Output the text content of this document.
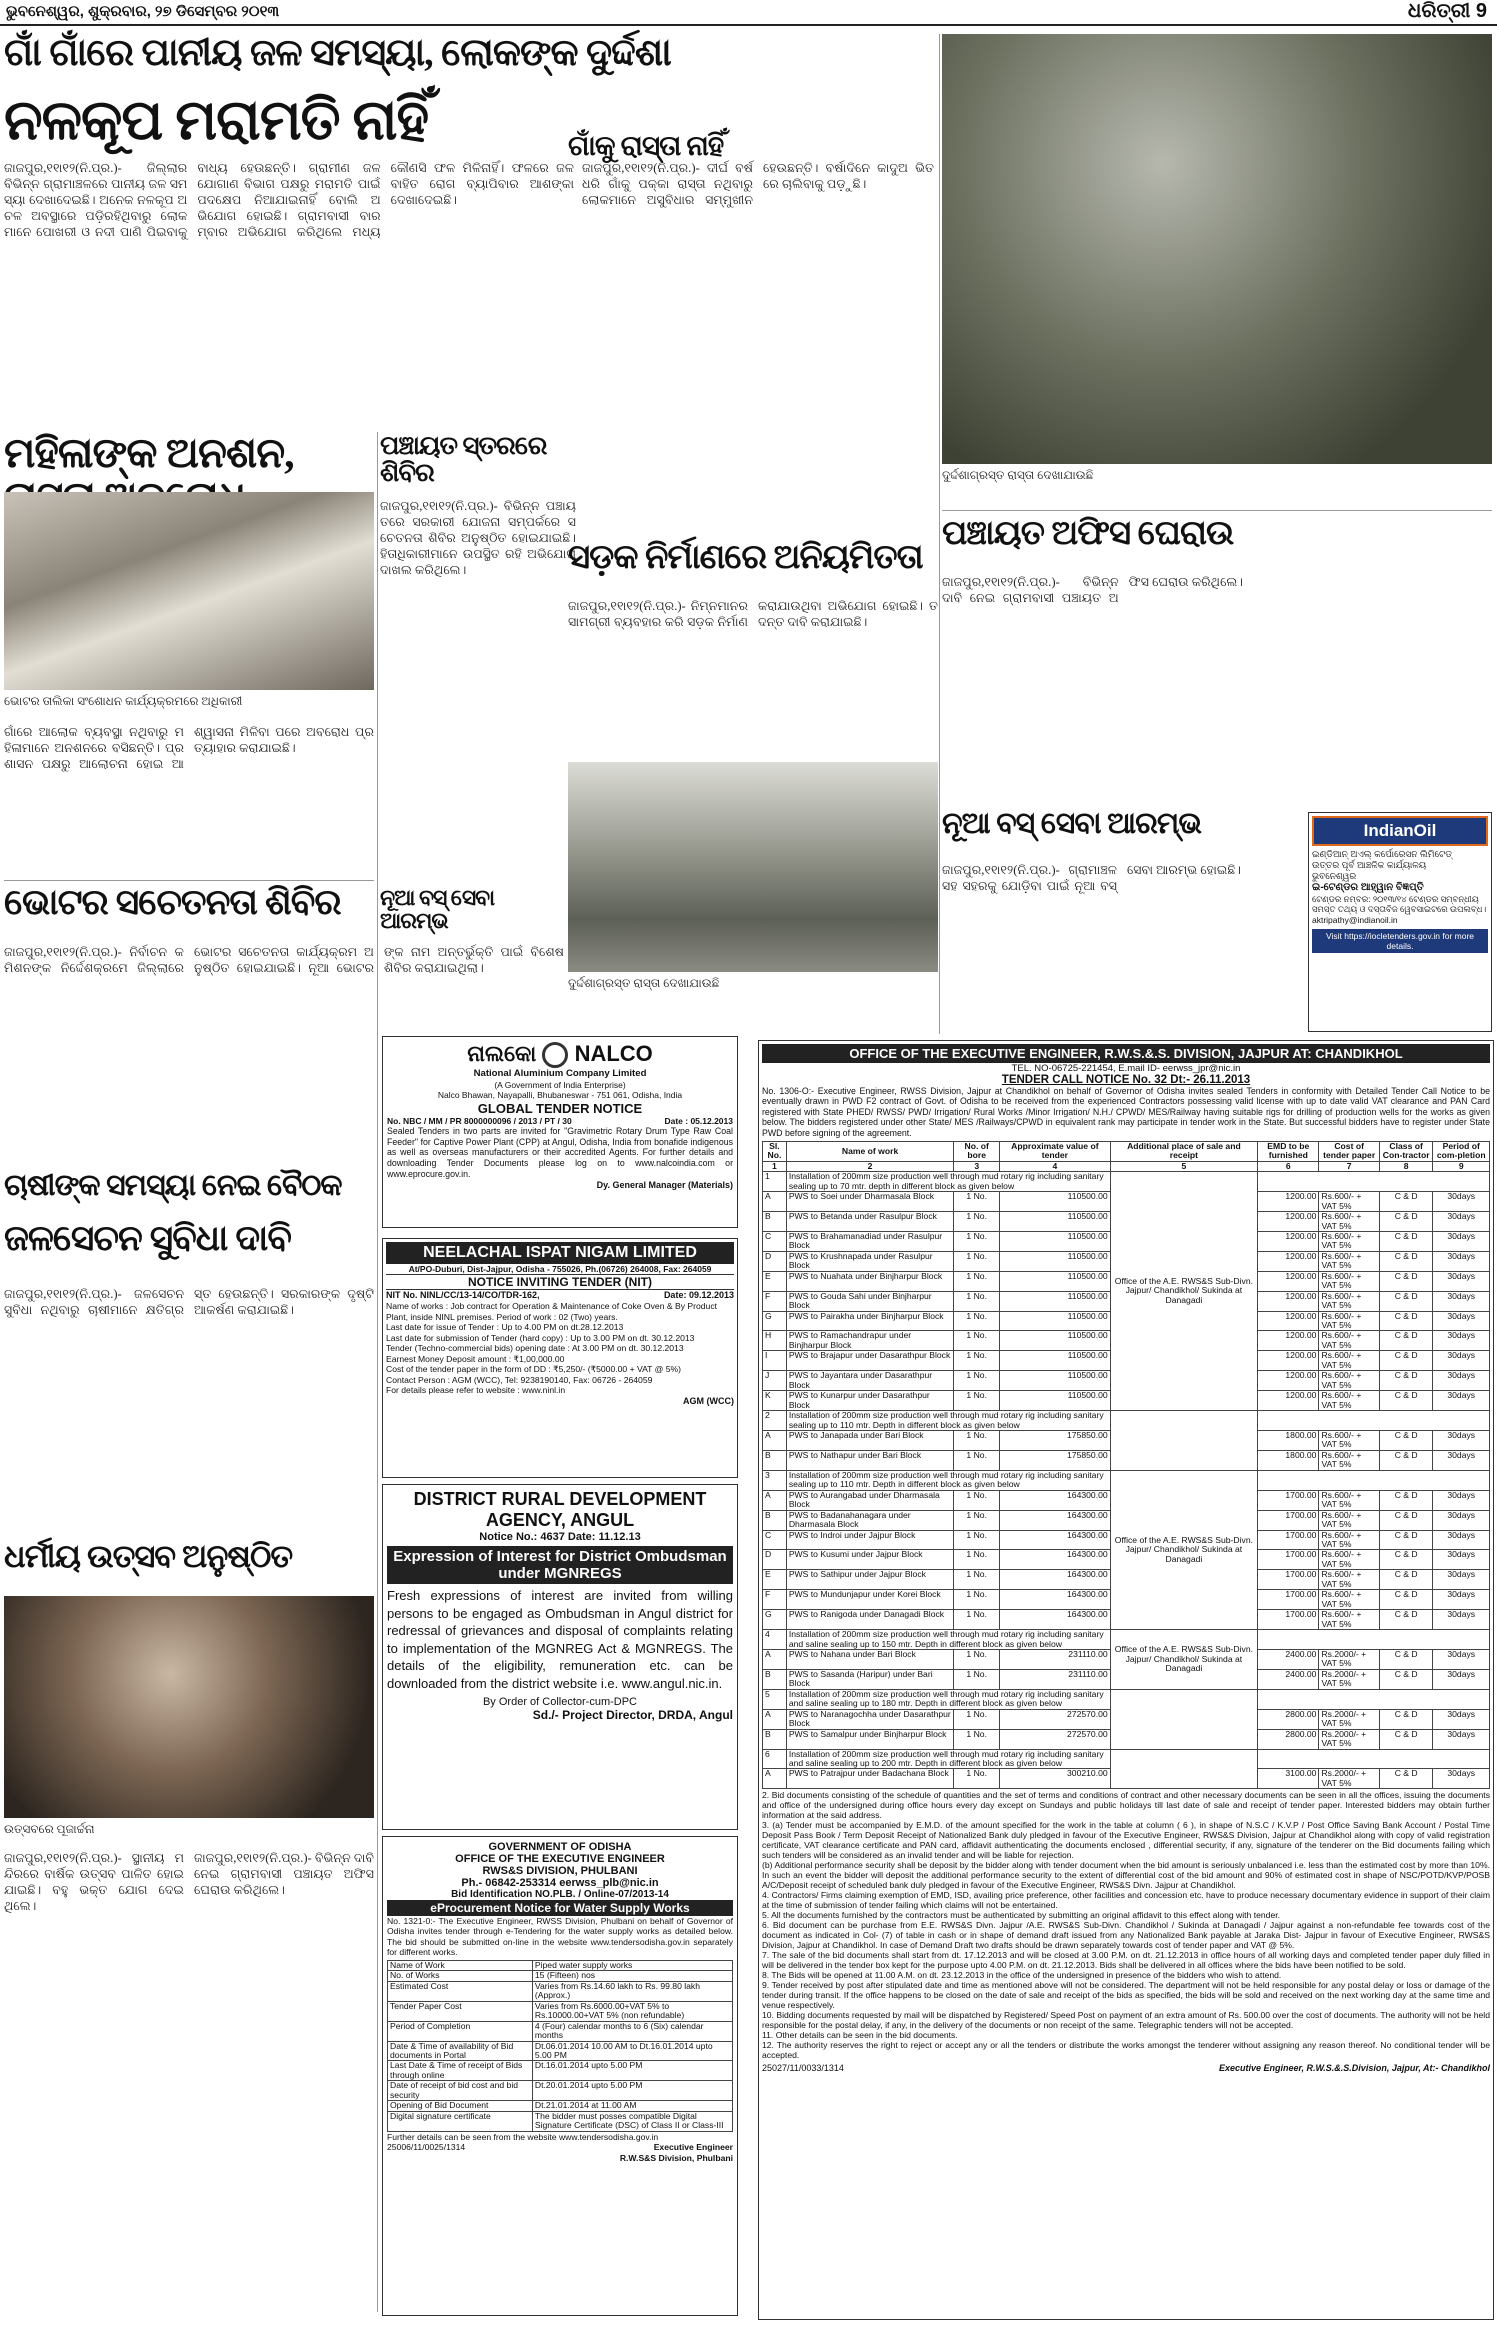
ଭୁବନେଶ୍ୱର, ଶୁକ୍ରବାର, ୨୭ ଡିସେମ୍ବର ୨୦୧୩	ଧରିତ୍ରୀ 9
ଗାଁ ଗାଁରେ ପାନୀୟ ଜଳ ସମସ୍ୟା, ଲୋକଙ୍କ ଦୁର୍ଦ୍ଦଶା
ନଳକୂପ ମରାମତି ନାହିଁ
ଜାଜପୁର,୧୧ା୧୨(ନି.ପ୍ର.)- ଜିଲ୍ଲାର ବିଭିନ୍ନ ଗ୍ରାମାଞ୍ଚଳରେ ପାନୀୟ ଜଳ ସମସ୍ୟା ଦେଖାଦେଇଛି। ଅନେକ ନଳକୂପ ଅଚଳ ଅବସ୍ଥାରେ ପଡ଼ିରହିଥିବାରୁ ଲୋକମାନେ ପୋଖରୀ ଓ ନଦୀ ପାଣି ପିଇବାକୁ ବାଧ୍ୟ ହେଉଛନ୍ତି। ଗ୍ରାମୀଣ ଜଳଯୋଗାଣ ବିଭାଗ ପକ୍ଷରୁ ମରାମତି ପାଇଁ ପଦକ୍ଷେପ ନିଆଯାଇନାହିଁ ବୋଲି ଅଭିଯୋଗ ହୋଇଛି। ଗ୍ରାମବାସୀ ବାରମ୍ବାର ଅଭିଯୋଗ କରିଥିଲେ ମଧ୍ୟ କୌଣସି ଫଳ ମିଳିନାହିଁ। ଫଳରେ ଜଳବାହିତ ରୋଗ ବ୍ୟାପିବାର ଆଶଙ୍କା ଦେଖାଦେଇଛି।
ମହିଳାଙ୍କ ଅନଶନ,
ଭୋଟର ତାଲିକା ସଂଶୋଧନ କାର୍ଯ୍ୟକ୍ରମରେ ଅଧିକାରୀ
ଗାଁରେ ଆଲୋକ ବ୍ୟବସ୍ଥା ନଥିବାରୁ ମହିଳାମାନେ ଅନଶନରେ ବସିଛନ୍ତି। ପ୍ରଶାସନ ପକ୍ଷରୁ ଆଲୋଚନା ହୋଇ ଆଶ୍ୱାସନା ମିଳିବା ପରେ ଅବରୋଧ ପ୍ରତ୍ୟାହାର କରାଯାଇଛି।
ଭୋଟର ସଚେତନତା ଶିବିର
ଜାଜପୁର,୧୧ା୧୨(ନି.ପ୍ର.)- ନିର୍ବାଚନ କମିଶନଙ୍କ ନିର୍ଦ୍ଦେଶକ୍ରମେ ଜିଲ୍ଲାରେ ଭୋଟର ସଚେତନତା କାର୍ଯ୍ୟକ୍ରମ ଅନୁଷ୍ଠିତ ହୋଇଯାଇଛି। ନୂଆ ଭୋଟରଙ୍କ ନାମ ଅନ୍ତର୍ଭୁକ୍ତି ପାଇଁ ବିଶେଷ ଶିବିର କରାଯାଇଥିଲା।
ଚାଷୀଙ୍କ ସମସ୍ୟା ନେଇ ବୈଠକ
ଜଳସେଚନ ସୁବିଧା ଦାବି
ଜାଜପୁର,୧୧ା୧୨(ନି.ପ୍ର.)- ଜଳସେଚନ ସୁବିଧା ନଥିବାରୁ ଚାଷୀମାନେ କ୍ଷତିଗ୍ରସ୍ତ ହେଉଛନ୍ତି। ସରକାରଙ୍କ ଦୃଷ୍ଟି ଆକର୍ଷଣ କରାଯାଇଛି।
ଧର୍ମୀୟ ଉତ୍ସବ ଅନୁଷ୍ଠିତ
ଉତ୍ସବରେ ପୂଜାର୍ଚ୍ଚନା
ଜାଜପୁର,୧୧ା୧୨(ନି.ପ୍ର.)- ସ୍ଥାନୀୟ ମନ୍ଦିରରେ ବାର୍ଷିକ ଉତ୍ସବ ପାଳିତ ହୋଇଯାଇଛି। ବହୁ ଭକ୍ତ ଯୋଗ ଦେଇଥିଲେ।
ଜାଜପୁର,୧୧ା୧୨(ନି.ପ୍ର.)- ବିଭିନ୍ନ ଦାବି ନେଇ ଗ୍ରାମବାସୀ ପଞ୍ଚାୟତ ଅଫିସ ଘେରାଉ କରିଥିଲେ।
ପଞ୍ଚାୟତ ସ୍ତରରେ ଶିବିର
ଜାଜପୁର,୧୧ା୧୨(ନି.ପ୍ର.)- ବିଭିନ୍ନ ପଞ୍ଚାୟତରେ ସରକାରୀ ଯୋଜନା ସମ୍ପର୍କରେ ସଚେତନତା ଶିବିର ଅନୁଷ୍ଠିତ ହୋଇଯାଇଛି। ହିତାଧିକାରୀମାନେ ଉପସ୍ଥିତ ରହି ଅଭିଯୋଗ ଦାଖଲ କରିଥିଲେ।
ଗାଁକୁ ରାସ୍ତା ନାହିଁ
ଜାଜପୁର,୧୧ା୧୨(ନି.ପ୍ର.)- ଦୀର୍ଘ ବର୍ଷ ଧରି ଗାଁକୁ ପକ୍କା ରାସ୍ତା ନଥିବାରୁ ଲୋକମାନେ ଅସୁବିଧାର ସମ୍ମୁଖୀନ ହେଉଛନ୍ତି। ବର୍ଷାଦିନେ କାଦୁଅ ଭିତରେ ଚାଲିବାକୁ ପଡ଼ୁଛି।
ସଡ଼କ ନିର୍ମାଣରେ ଅନିୟମିତତା
ଜାଜପୁର,୧୧ା୧୨(ନି.ପ୍ର.)- ନିମ୍ନମାନର ସାମଗ୍ରୀ ବ୍ୟବହାର କରି ସଡ଼କ ନିର୍ମାଣ କରାଯାଉଥିବା ଅଭିଯୋଗ ହୋଇଛି। ତଦନ୍ତ ଦାବି କରାଯାଇଛି।
ଦୁର୍ଦ୍ଦଶାଗ୍ରସ୍ତ ରାସ୍ତା ଦେଖାଯାଉଛି
ନୂଆ ବସ୍ ସେବା ଆରମ୍ଭ
ଦୁର୍ଦ୍ଦଶାଗ୍ରସ୍ତ ରାସ୍ତା ଦେଖାଯାଉଛି
ପଞ୍ଚାୟତ ଅଫିସ ଘେରାଉ
ଜାଜପୁର,୧୧ା୧୨(ନି.ପ୍ର.)- ବିଭିନ୍ନ ଦାବି ନେଇ ଗ୍ରାମବାସୀ ପଞ୍ଚାୟତ ଅଫିସ ଘେରାଉ କରିଥିଲେ।
ନୂଆ ବସ୍ ସେବା ଆରମ୍ଭ
ଜାଜପୁର,୧୧ା୧୨(ନି.ପ୍ର.)- ଗ୍ରାମାଞ୍ଚଳ ସହ ସହରକୁ ଯୋଡ଼ିବା ପାଇଁ ନୂଆ ବସ୍ ସେବା ଆରମ୍ଭ ହୋଇଛି।
IndianOil
ଇଣ୍ଡିଆନ୍ ଅଏଲ୍ କର୍ପୋରେସନ ଲିମିଟେଡ୍
ଉତ୍ତର ପୂର୍ବ ଆଞ୍ଚଳିକ କାର୍ଯ୍ୟାଳୟ
ଭୁବନେଶ୍ୱର
ଇ-ଟେଣ୍ଡର ଆହ୍ୱାନ ବିଜ୍ଞପ୍ତି
ଟେଣ୍ଡର ନମ୍ବର: ୨୦୧୩/୧୪ ଟେଣ୍ଡର ସମ୍ବନ୍ଧୀୟ ସମସ୍ତ ତଥ୍ୟ ଓ ଦସ୍ତାବିଜ ୱେବସାଇଟରେ ଉପଲବ୍ଧ।
aktripathy@indianoil.in
Visit https://iocletenders.gov.in for more details.
ନାଲକୋ NALCO
National Aluminium Company Limited
(A Government of India Enterprise)
Nalco Bhawan, Nayapalli, Bhubaneswar - 751 061, Odisha, India
GLOBAL TENDER NOTICE
No. NBC / MM / PR 8000000096 / 2013 / PT / 30	Date : 05.12.2013
Sealed Tenders in two parts are invited for "Gravimetric Rotary Drum Type Raw Coal Feeder" for Captive Power Plant (CPP) at Angul, Odisha, India from bonafide indigenous as well as overseas manufacturers or their accredited Agents. For further details and downloading Tender Documents please log on to www.nalcoindia.com or www.eprocure.gov.in.
Dy. General Manager (Materials)
NEELACHAL ISPAT NIGAM LIMITED
At/PO-Duburi, Dist-Jajpur, Odisha - 755026, Ph.(06726) 264008, Fax: 264059
NOTICE INVITING TENDER (NIT)
NIT No. NINL/CC/13-14/CO/TDR-162,	Date: 09.12.2013
Name of works : Job contract for Operation & Maintenance of Coke Oven & By Product Plant, inside NINL premises. Period of work : 02 (Two) years.
Last date for issue of Tender : Up to 4.00 PM on dt.28.12.2013
Last date for submission of Tender (hard copy) : Up to 3.00 PM on dt. 30.12.2013
Tender (Techno-commercial bids) opening date : At 3.00 PM on dt. 30.12.2013
Earnest Money Deposit amount : ₹1,00,000.00
Cost of the tender paper in the form of DD : ₹5,250/- (₹5000.00 + VAT @ 5%)
Contact Person : AGM (WCC), Tel: 9238190140, Fax: 06726 - 264059
For details please refer to website : www.ninl.in
AGM (WCC)
DISTRICT RURAL DEVELOPMENT
AGENCY, ANGUL
Notice No.: 4637 Date: 11.12.13
Expression of Interest for District Ombudsman under MGNREGS
Fresh expressions of interest are invited from willing persons to be engaged as Ombudsman in Angul district for redressal of grievances and disposal of complaints relating to implementation of the MGNREG Act & MGNREGS. The details of the eligibility, remuneration etc. can be downloaded from the district website i.e. www.angul.nic.in.
By Order of Collector-cum-DPC
Sd./- Project Director, DRDA, Angul
GOVERNMENT OF ODISHA
OFFICE OF THE EXECUTIVE ENGINEER
RWS&S DIVISION, PHULBANI
Ph.- 06842-253314 eerwss_plb@nic.in
Bid Identification NO.PLB. / Online-07/2013-14
eProcurement Notice for Water Supply Works
No. 1321-0:- The Executive Engineer, RWSS Division, Phulbani on behalf of Governor of Odisha invites tender through e-Tendering for the water supply works as detailed below. The bid should be submitted on-line in the website www.tendersodisha.gov.in separately for different works.
Name of Work	Piped water supply works
No. of Works	15 (Fifteen) nos
Estimated Cost	Varies from Rs.14.60 lakh to Rs. 99.80 lakh (Approx.)
Tender Paper Cost	Varies from Rs.6000.00+VAT 5% to Rs.10000.00+VAT 5% (non refundable)
Period of Completion	4 (Four) calendar months to 6 (Six) calendar months
Date & Time of availability of Bid documents in Portal	Dt.06.01.2014 10.00 AM to Dt.16.01.2014 upto 5.00 PM
Last Date & Time of receipt of Bids through online	Dt.16.01.2014 upto 5.00 PM
Date of receipt of bid cost and bid security	Dt.20.01.2014 upto 5.00 PM
Opening of Bid Document	Dt.21.01.2014 at 11.00 AM
Digital signature certificate	The bidder must posses compatible Digital Signature Certificate (DSC) of Class II or Class-III
Further details can be seen from the website www.tendersodisha.gov.in
25006/11/0025/1314	Executive Engineer
R.W.S&S Division, Phulbani
OFFICE OF THE EXECUTIVE ENGINEER, R.W.S.&.S. DIVISION, JAJPUR AT: CHANDIKHOL
TEL. NO-06725-221454, E.mail ID- eerwss_jpr@nic.in
TENDER CALL NOTICE No. 32 Dt:- 26.11.2013
No. 1306-O:- Executive Engineer, RWSS Division, Jajpur at Chandikhol on behalf of Governor of Odisha invites sealed Tenders in conformity with Detailed Tender Call Notice to be eventually drawn in PWD F2 contract of Govt. of Odisha to be received from the experienced Contractors possessing valid license with up to date valid VAT clearance and PAN Card registered with State PHED/ RWSS/ PWD/ Irrigation/ Rural Works /Minor Irrigation/ N.H./ CPWD/ MES/Railway having suitable rigs for drilling of production wells for the works as given below. The bidders registered under other State/ MES /Railways/CPWD in equivalent rank may participate in tender work in the State. But successful bidders have to register under State PWD before signing of the agreement.
Sl. No.	Name of work	No. of bore	Approximate value of tender	Additional place of sale and receipt	EMD to be furnished	Cost of tender paper	Class of Con-tractor	Period of com-pletion
1	2	3	4	5	6	7	8	9
1	Installation of 200mm size production well through mud rotary rig including sanitary sealing up to 70 mtr. depth in different block as given below			Office of the A.E. RWS&S Sub-Divn. Jajpur/ Chandikhol/ Sukinda at Danagadi				
A	PWS to Soei under Dharmasala Block	1 No.	110500.00		1200.00	Rs.600/- + VAT 5%	C & D	30days
B	PWS to Betanda under Rasulpur Block	1 No.	110500.00		1200.00	Rs.600/- + VAT 5%	C & D	30days
C	PWS to Brahamanadiad under Rasulpur Block	1 No.	110500.00		1200.00	Rs.600/- + VAT 5%	C & D	30days
D	PWS to Krushnapada under Rasulpur Block	1 No.	110500.00		1200.00	Rs.600/- + VAT 5%	C & D	30days
E	PWS to Nuahata under Binjharpur Block	1 No.	110500.00		1200.00	Rs.600/- + VAT 5%	C & D	30days
F	PWS to Gouda Sahi under Binjharpur Block	1 No.	110500.00		1200.00	Rs.600/- + VAT 5%	C & D	30days
G	PWS to Pairakha under Binjharpur Block	1 No.	110500.00		1200.00	Rs.600/- + VAT 5%	C & D	30days
H	PWS to Ramachandrapur under Binjharpur Block	1 No.	110500.00		1200.00	Rs.600/- + VAT 5%	C & D	30days
I	PWS to Brajapur under Dasarathpur Block	1 No.	110500.00		1200.00	Rs.600/- + VAT 5%	C & D	30days
J	PWS to Jayantara under Dasarathpur Block	1 No.	110500.00		1200.00	Rs.600/- + VAT 5%	C & D	30days
K	PWS to Kunarpur under Dasarathpur Block	1 No.	110500.00		1200.00	Rs.600/- + VAT 5%	C & D	30days
2	Installation of 200mm size production well through mud rotary rig including sanitary sealing up to 110 mtr. Depth in different block as given below							
A	PWS to Janapada under Bari Block	1 No.	175850.00		1800.00	Rs.600/- + VAT 5%	C & D	30days
B	PWS to Nathapur under Bari Block	1 No.	175850.00		1800.00	Rs.600/- + VAT 5%	C & D	30days
3	Installation of 200mm size production well through mud rotary rig including sanitary sealing up to 110 mtr. Depth in different block as given below			Office of the A.E. RWS&S Sub-Divn. Jajpur/ Chandikhol/ Sukinda at Danagadi				
A	PWS to Aurangabad under Dharmasala Block	1 No.	164300.00		1700.00	Rs.600/- + VAT 5%	C & D	30days
B	PWS to Badanahanagara under Dharmasala Block	1 No.	164300.00		1700.00	Rs.600/- + VAT 5%	C & D	30days
C	PWS to Indroi under Jajpur Block	1 No.	164300.00		1700.00	Rs.600/- + VAT 5%	C & D	30days
D	PWS to Kusumi under Jajpur Block	1 No.	164300.00		1700.00	Rs.600/- + VAT 5%	C & D	30days
E	PWS to Sathipur under Jajpur Block	1 No.	164300.00		1700.00	Rs.600/- + VAT 5%	C & D	30days
F	PWS to Mundunjapur under Korei Block	1 No.	164300.00		1700.00	Rs.600/- + VAT 5%	C & D	30days
G	PWS to Ranigoda under Danagadi Block	1 No.	164300.00		1700.00	Rs.600/- + VAT 5%	C & D	30days
4	Installation of 200mm size production well through mud rotary rig including sanitary and saline sealing up to 150 mtr. Depth in different block as given below			Office of the A.E. RWS&S Sub-Divn. Jajpur/ Chandikhol/ Sukinda at Danagadi				
A	PWS to Nahana under Bari Block	1 No.	231110.00		2400.00	Rs.2000/- + VAT 5%	C & D	30days
B	PWS to Sasanda (Haripur) under Bari Block	1 No.	231110.00		2400.00	Rs.2000/- + VAT 5%	C & D	30days
5	Installation of 200mm size production well through mud rotary rig including sanitary and saline sealing up to 180 mtr. Depth in different block as given below							
A	PWS to Naranagochha under Dasarathpur Block	1 No.	272570.00		2800.00	Rs.2000/- + VAT 5%	C & D	30days
B	PWS to Samalpur under Binjharpur Block	1 No.	272570.00		2800.00	Rs.2000/- + VAT 5%	C & D	30days
6	Installation of 200mm size production well through mud rotary rig including sanitary and saline sealing up to 200 mtr. Depth in different block as given below							
A	PWS to Patrajpur under Badachana Block	1 No.	300210.00		3100.00	Rs.2000/- + VAT 5%	C & D	30days
2. Bid documents consisting of the schedule of quantities and the set of terms and conditions of contract and other necessary documents can be seen in all the offices, issuing the documents and office of the undersigned during office hours every day except on Sundays and public holidays till last date of sale and receipt of tender paper. Interested bidders may obtain further information at the said address.
3. (a) Tender must be accompanied by E.M.D. of the amount specified for the work in the table at column ( 6 ), in shape of N.S.C / K.V.P / Post Office Saving Bank Account / Postal Time Deposit Pass Book / Term Deposit Receipt of Nationalized Bank duly pledged in favour of the Executive Engineer, RWS&S Division, Jajpur at Chandikhol along with copy of valid registration certificate, VAT clearance certificate and PAN card, affidavit authenticating the documents enclosed , differential security, if any, signature of the tenderer on the Bid documents failing which such tenders will be considered as an invalid tender and will be liable for rejection.
(b) Additional performance security shall be deposit by the bidder along with tender document when the bid amount is seriously unbalanced i.e. less than the estimated cost by more than 10%. In such an event the bidder will deposit the additional performance security to the extent of differential cost of the bid amount and 90% of estimated cost in shape of NSC/POTD/KVP/POSB A/C/Deposit receipt of scheduled bank duly pledged in favour of the Executive Engineer, RWS&S Divn. Jajpur at Chandikhol.
4. Contractors/ Firms claiming exemption of EMD, ISD, availing price preference, other facilities and concession etc. have to produce necessary documentary evidence in support of their claim at the time of submission of tender failing which claims will not be entertained.
5. All the documents furnished by the contractors must be authenticated by submitting an original affidavit to this effect along with tender.
6. Bid document can be purchase from E.E. RWS&S Divn. Jajpur /A.E. RWS&S Sub-Divn. Chandikhol / Sukinda at Danagadi / Jajpur against a non-refundable fee towards cost of the document as indicated in Col- (7) of table in cash or in shape of demand draft issued from any Nationalized Bank payable at Jaraka Dist- Jajpur in favour of Executive Engineer, RWS&S Division, Jajpur at Chandikhol. In case of Demand Draft two drafts should be drawn separately towards cost of tender paper and VAT @ 5%.
7. The sale of the bid documents shall start from dt. 17.12.2013 and will be closed at 3.00 P.M. on dt. 21.12.2013 in office hours of all working days and completed tender paper duly filled in will be delivered in the tender box kept for the purpose upto 4.00 P.M. on dt. 21.12.2013. Bids shall be delivered in all offices where the bids have been notified to be sold.
8. The Bids will be opened at 11.00 A.M. on dt. 23.12.2013 in the office of the undersigned in presence of the bidders who wish to attend.
9. Tender received by post after stipulated date and time as mentioned above will not be considered. The department will not be held responsible for any postal delay or loss or damage of the tender during transit. If the office happens to be closed on the date of sale and receipt of the bids as specified, the bids will be sold and received on the next working day at the same time and venue respectively.
10. Bidding documents requested by mail will be dispatched by Registered/ Speed Post on payment of an extra amount of Rs. 500.00 over the cost of documents. The authority will not be held responsible for the postal delay, if any, in the delivery of the documents or non receipt of the same. Telegraphic tenders will not be accepted.
11. Other details can be seen in the bid documents.
12. The authority reserves the right to reject or accept any or all the tenders or distribute the works amongst the tenderer without assigning any reason thereof. No conditional tender will be accepted.
25027/11/0033/1314	Executive Engineer, R.W.S.&.S.Division, Jajpur, At:- Chandikhol
